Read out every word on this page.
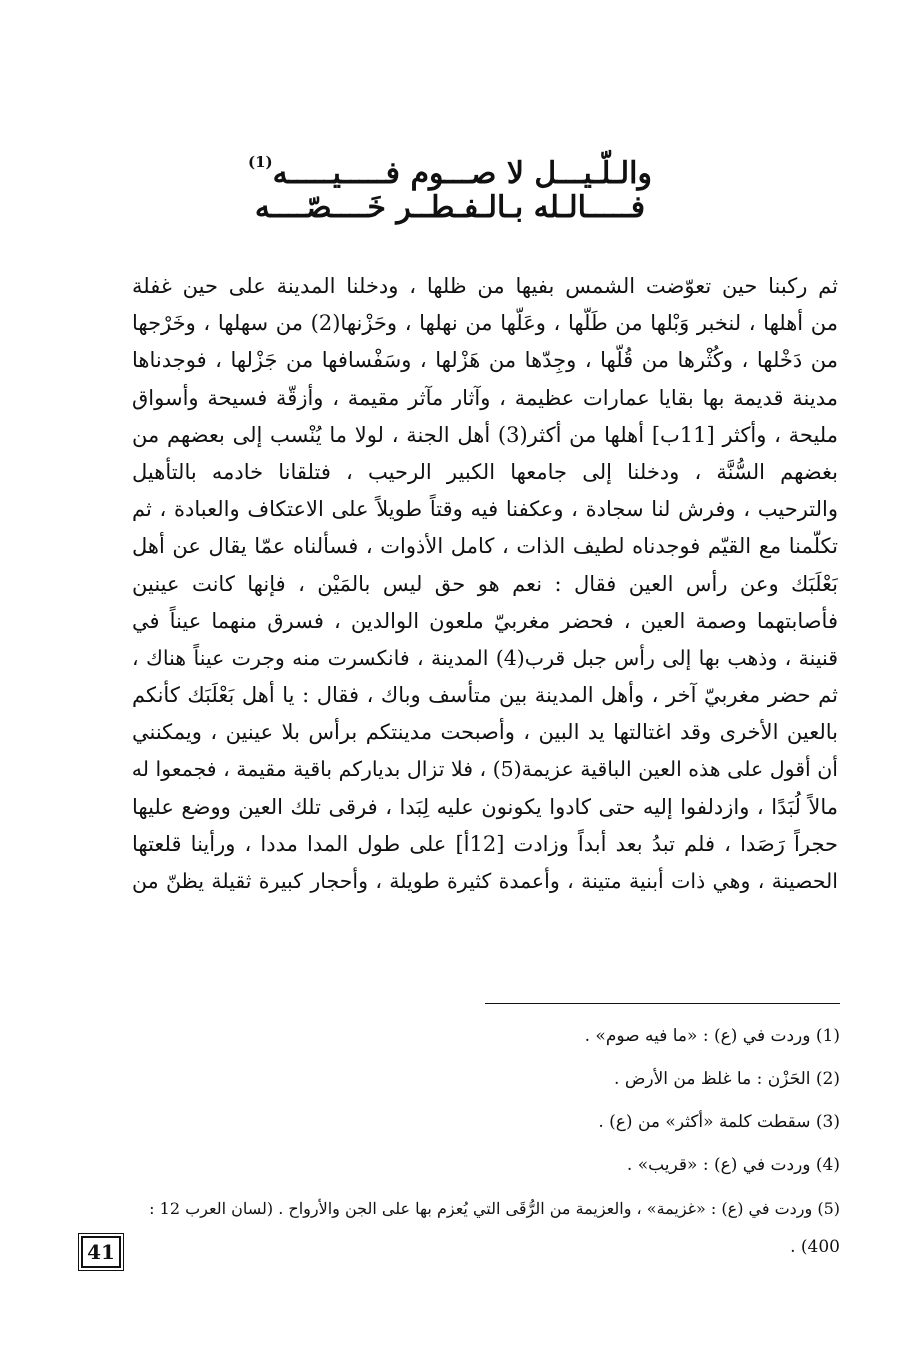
والـلّـيـــل لا صـــوم فـــــيـــــه$^{(1)}$
فـــــالـله بـالـفـطــر خَــــصّــــه
ثم ركبنا حين تعوّضت الشمس بفيها من ظلها ، ودخلنا المدينة على حين غفلة
من أهلها ، لنخبر وَبْلها من طَلّها ، وعَلّها من نهلها ، وحَزْنها(2) من سهلها ، وخَرْجها
من دَخْلها ، وكُثْرها من قُلّها ، وجِدّها من هَزْلها ، وسَفْسافها من جَزْلها ، فوجدناها
مدينة قديمة بها بقايا عمارات عظيمة ، وآثار مآثر مقيمة ، وأزقّة فسيحة وأسواق
مليحة ، وأكثر [11ب] أهلها من أكثر(3) أهل الجنة ، لولا ما يُنْسب إلى بعضهم من
بغضهم السُّنَّة ، ودخلنا إلى جامعها الكبير الرحيب ، فتلقانا خادمه بالتأهيل
والترحيب ، وفرش لنا سجادة ، وعكفنا فيه وقتاً طويلاً على الاعتكاف والعبادة ، ثم
تكلّمنا مع القيّم فوجدناه لطيف الذات ، كامل الأذوات ، فسألناه عمّا يقال عن أهل
بَعْلَبَك وعن رأس العين فقال : نعم هو حق ليس بالمَيْن ، فإنها كانت عينين
فأصابتهما وصمة العين ، فحضر مغربيّ ملعون الوالدين ، فسرق منهما عيناً في
قنينة ، وذهب بها إلى رأس جبل قرب(4) المدينة ، فانكسرت منه وجرت عيناً هناك ،
ثم حضر مغربيّ آخر ، وأهل المدينة بين متأسف وباك ، فقال : يا أهل بَعْلَبَك كأنكم
بالعين الأخرى وقد اغتالتها يد البين ، وأصبحت مدينتكم برأس بلا عينين ، ويمكنني
أن أقول على هذه العين الباقية عزيمة(5) ، فلا تزال بدياركم باقية مقيمة ، فجمعوا له
مالاً لُبَدًا ، وازدلفوا إليه حتى كادوا يكونون عليه لِبَدا ، فرقى تلك العين ووضع عليها
حجراً رَصَدا ، فلم تبدُ بعد أبداً وزادت [12أ] على طول المدا مددا ، ورأينا قلعتها
الحصينة ، وهي ذات أبنية متينة ، وأعمدة كثيرة طويلة ، وأحجار كبيرة ثقيلة يظنّ من
(1) وردت في (ع) : «ما فيه صوم» .
(2) الحَزْن : ما غلظ من الأرض .
(3) سقطت كلمة «أكثر» من (ع) .
(4) وردت في (ع) : «قريب» .
(5) وردت في (ع) : «غزيمة» ، والعزيمة من الرُّقَى التي يُعزم بها على الجن والأرواح . (لسان العرب 12 :
400) .
41
